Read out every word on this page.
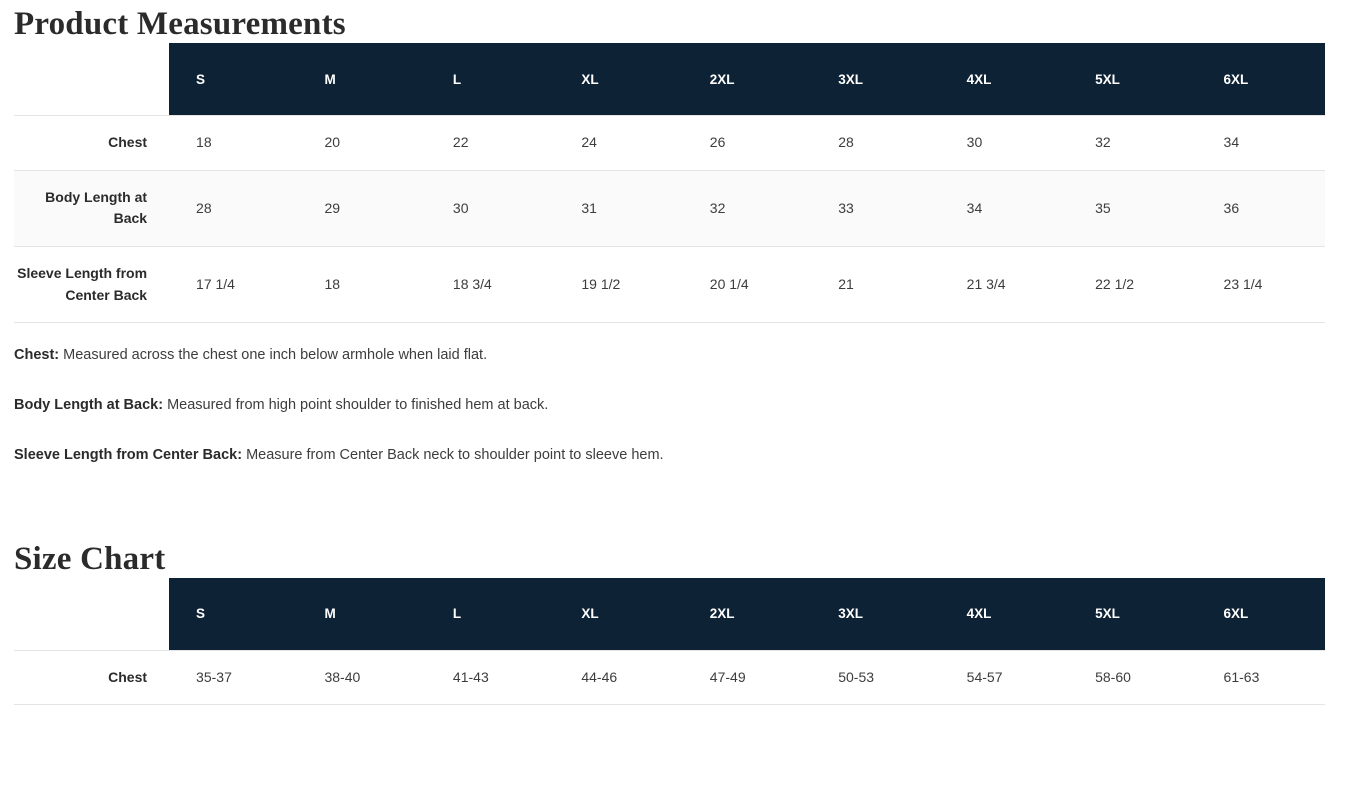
Product Measurements
	S	M	L	XL	2XL	3XL	4XL	5XL	6XL
Chest	18	20	22	24	26	28	30	32	34
Body Length at Back	28	29	30	31	32	33	34	35	36
Sleeve Length from Center Back	17 1/4	18	18 3/4	19 1/2	20 1/4	21	21 3/4	22 1/2	23 1/4

Chest: Measured across the chest one inch below armhole when laid flat.

Body Length at Back: Measured from high point shoulder to finished hem at back.

Sleeve Length from Center Back: Measure from Center Back neck to shoulder point to sleeve hem.

Size Chart
	S	M	L	XL	2XL	3XL	4XL	5XL	6XL
Chest	35-37	38-40	41-43	44-46	47-49	50-53	54-57	58-60	61-63
